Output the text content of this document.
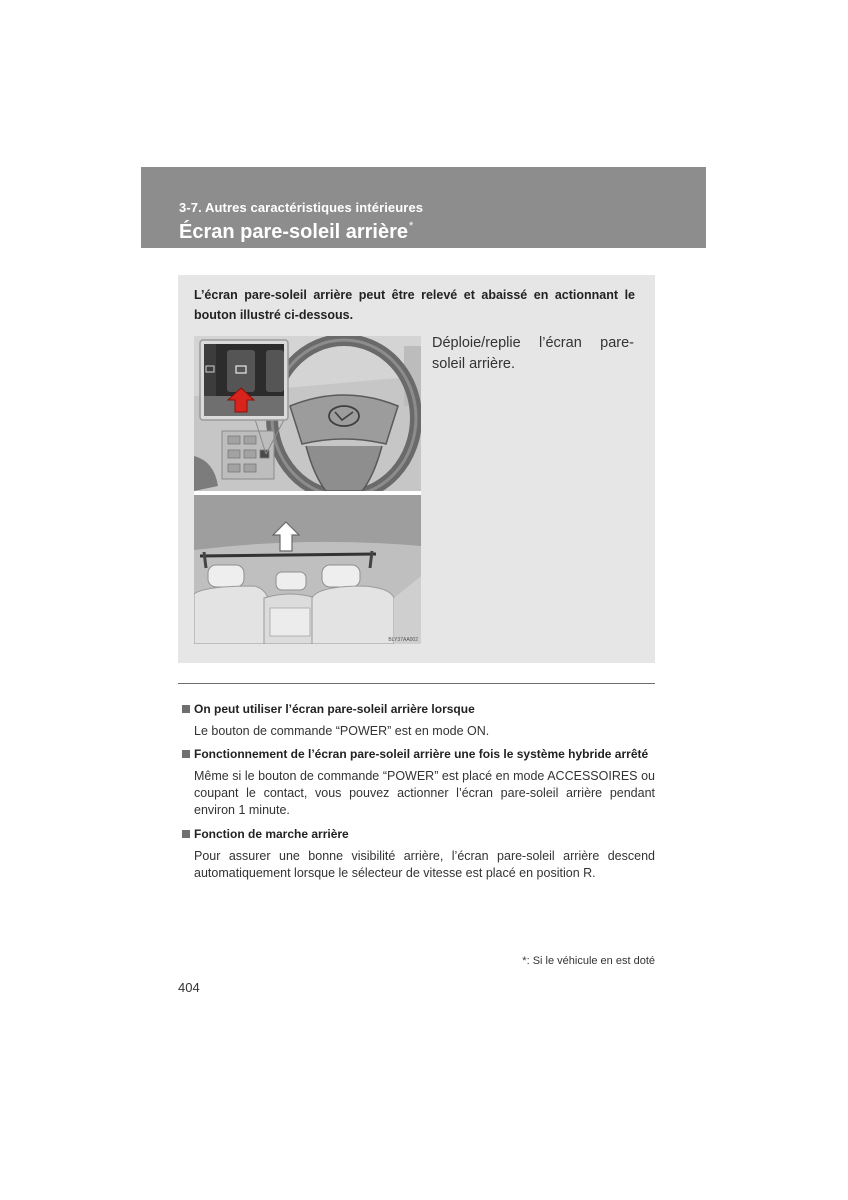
3-7. Autres caractéristiques intérieures
Écran pare-soleil arrière*
L’écran pare-soleil arrière peut être relevé et abaissé en actionnant le bouton illustré ci-dessous.
BLY37AA002
Déploie/replie l’écran pare-soleil arrière.
On peut utiliser l’écran pare-soleil arrière lorsque
Le bouton de commande “POWER” est en mode ON.
Fonctionnement de l’écran pare-soleil arrière une fois le système hybride arrêté
Même si le bouton de commande “POWER” est placé en mode ACCESSOIRES ou coupant le contact, vous pouvez actionner l’écran pare-soleil arrière pendant environ 1 minute.
Fonction de marche arrière
Pour assurer une bonne visibilité arrière, l’écran pare-soleil arrière descend automatiquement lorsque le sélecteur de vitesse est placé en position R.
*: Si le véhicule en est doté
404
